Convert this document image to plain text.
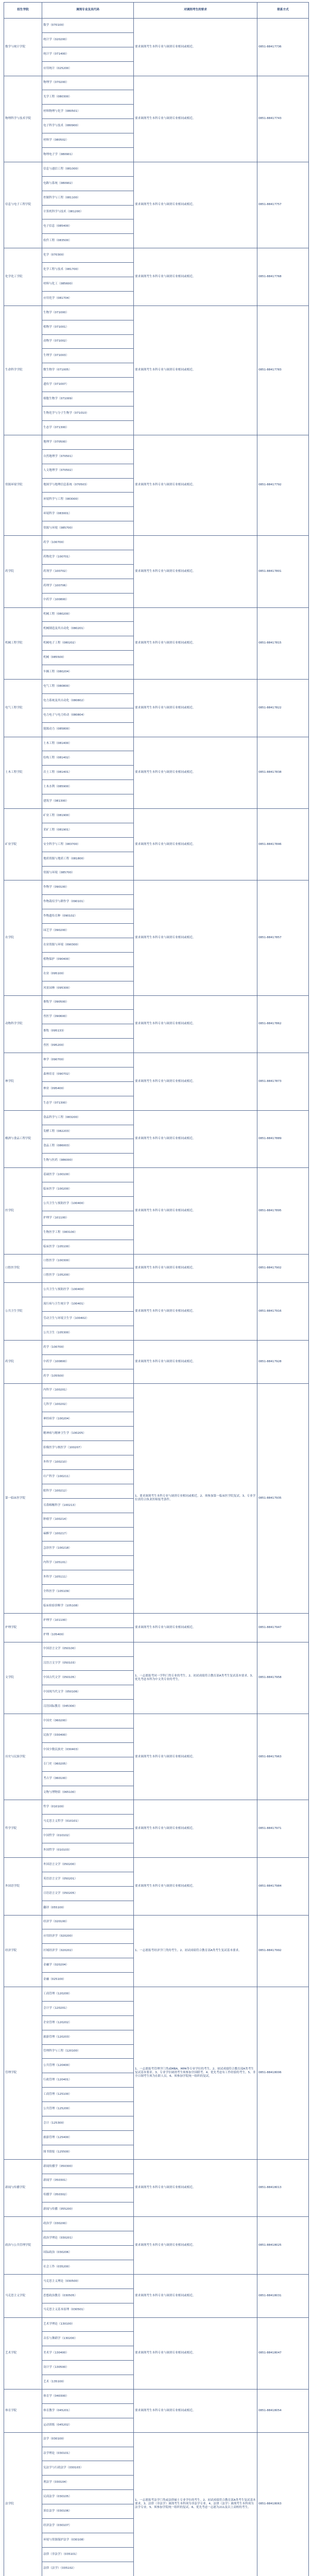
招生学院	调剂专业及其代码	对调剂考生的要求	联系方式
数学与统计学院	数学（070100）	要求调剂考生本科专业与调剂专业相同或相近。	0851-88417736
	统计学（020200）		
	统计学（071400）		
	应用统计（025200）		
物理科学与技术学院	物理学（070200）	要求调剂考生本科专业与调剂专业相同或相近。	0851-88417743
	光学工程（080300）		
	材料物理与化学（080501）		
	电子科学与技术（080900）		
	材料学（080502）		
	物理电子学（080901）		
信息与电子工程学院	信息与通信工程（081000）	要求调剂考生本科专业与调剂专业相同或相近。	0851-88417757
	电路与系统（080902）		
	控制科学与工程（081100）		
	计算机科学与技术（081200）		
	电子信息（085400）		
	软件工程（083500）		
化学化工学院	化学（070300）	要求调剂考生本科专业与调剂专业相同或相近。	0851-88417768
	化学工程与技术（081700）		
	材料与化工（085600）		
	应用化学（081704）		
生命科学学院	生物学（071000）	要求调剂考生本科专业与调剂专业相同或相近。	0851-88417783
	植物学（071001）		
	动物学（071002）		
	生理学（071003）		
	微生物学（071005）		
	遗传学（071007）		
	细胞生物学（071009）		
	生物化学与分子生物学（071010）		
	生态学（071300）		
资源环境学院	地理学（070500）	要求调剂考生本科专业与调剂专业相同或相近。	0851-88417792
	自然地理学（070501）		
	人文地理学（070502）		
	地图学与地理信息系统（070503）		
	环境科学与工程（083000）		
	环境科学（083001）		
	资源与环境（085700）		
药学院	药学（100700）	要求调剂考生本科专业与调剂专业相同或相近。	0851-88417801
	药物化学（100701）		
	药剂学（100702）		
	药理学（100706）		
	中药学（100800）		
机械工程学院	机械工程（080200）	要求调剂考生本科专业与调剂专业相同或相近。	0851-88417815
	机械制造及其自动化（080201）		
	机械电子工程（080202）		
	机械（085500）		
	车辆工程（080204）		
电气工程学院	电气工程（080800）	要求调剂考生本科专业与调剂专业相同或相近。	0851-88417822
	电力系统及其自动化（080802）		
	电力电子与电力传动（080804）		
	能源动力（085800）		
土木工程学院	土木工程（081400）	要求调剂考生本科专业与调剂专业相同或相近。	0851-88417838
	结构工程（081402）		
	岩土工程（081401）		
	土木水利（085900）		
	建筑学（081300）		
矿业学院	矿业工程（081900）	要求调剂考生本科专业与调剂专业相同或相近。	0851-88417846
	采矿工程（081901）		
	安全科学与工程（083700）		
	地质资源与地质工程（081800）		
	资源与环境（085700）		
农学院	作物学（090100）	要求调剂考生本科专业与调剂专业相同或相近。	0851-88417857
	作物栽培学与耕作学（090101）		
	作物遗传育种（090102）		
	园艺学（090200）		
	农业资源与环境（090300）		
	植物保护（090400）		
	农业（095100）		
	风景园林（095300）		
动物科学学院	畜牧学（090500）	要求调剂考生本科专业与调剂专业相同或相近。	0851-88417862
	兽医学（090600）		
	畜牧（095133）		
	兽医（095200）		
林学院	林学（090700）	要求调剂考生本科专业与调剂专业相同或相近。	0851-88417873
	森林培育（090702）		
	林业（095400）		
	生态学（071300）		
酿酒与食品工程学院	食品科学与工程（083200）	要求调剂考生本科专业与调剂专业相同或相近。	0851-88417889
	发酵工程（082203）		
	食品工程（086003）		
	生物与医药（086000）		
医学院	基础医学（100100）	要求调剂考生本科专业与调剂专业相同或相近。	0851-88417895
	临床医学（100200）		
	公共卫生与预防医学（100400）		
	护理学（101100）		
	生物医学工程（083100）		
	临床医学（105100）		
口腔医学院	口腔医学（100300）	要求调剂考生本科专业与调剂专业相同或相近。	0851-88417902
	口腔医学（105200）		
公共卫生学院	公共卫生与预防医学（100400）	要求调剂考生本科专业与调剂专业相同或相近。	0851-88417916
	流行病与卫生统计学（100401）		
	劳动卫生与环境卫生学（100402）		
	公共卫生（105300）		
药学院	药学（100700）	要求调剂考生本科专业与调剂专业相同或相近。	0851-88417928
	中药学（100800）		
	药学（105500）		
第一临床医学院	内科学（100201）	1、要求调剂考生本科专业与调剂专业相同或相近。2、须参加第一临床医学院复试。3、专业学位需符合执业医师报考条件。	0851-88417935
	儿科学（100202）		
	神经病学（100204）		
	精神病与精神卫生学（100205）		
	影像医学与核医学（100207）		
	外科学（100210）		
	妇产科学（100211）		
	眼科学（100212）		
	耳鼻咽喉科学（100213）		
	肿瘤学（100214）		
	麻醉学（100217）		
	急诊医学（100218）		
	内科学（105101）		
	外科学（105111）		
	全科医学（105109）		
	临床检验诊断学（105108）		
护理学院	护理学（101100）	要求调剂考生本科专业与调剂专业相同或相近。	0851-88417947
	护理（105400）		
文学院	中国语言文学（050100）	1、一志愿报考同一学科门类专业的考生。2、初试成绩符合教育部A类考生复试基本要求。3、优先考虑本科为中文类专业的考生。	0851-88417958
	汉语言文字学（050103）		
	中国古代文学（050105）		
	中国现当代文学（050106）		
	汉语国际教育（045300）		
历史与民族学院	中国史（060200）	要求调剂考生本科专业与调剂专业相同或相近。	0851-88417963
	民族学（030400）		
	中国少数民族史（030403）		
	专门史（060205）		
	考古学（060100）		
	文物与博物馆（065100）		
哲学学院	哲学（010100）	要求调剂考生本科专业与调剂专业相同或相近。	0851-88417971
	马克思主义哲学（010101）		
	中国哲学（010102）		
	外国哲学（010103）		
外国语学院	外国语言文学（050200）	要求调剂考生本科专业与调剂专业相同或相近。	0851-88417984
	英语语言文学（050201）		
	日语语言文学（050205）		
	翻译（055100）		
经济学院	经济学（020100）	1、一志愿报考经济学门类的考生。2、初试成绩符合教育部A类考生复试基本要求。	0851-88417992
	应用经济学（020200）		
	区域经济学（020202）		
	金融学（020204）		
	金融（025100）		
管理学院	工商管理（120200）	1、一志愿报考管理学门类或MBA、MPA等专业学位的考生。2、初试成绩符合教育部A类考生复试基本要求。3、专业学位调剂考生须参加全国联考。4、优先考虑有工作经验的考生。5、非全日制考生须为在职人员。6、须参加学院统一组织的复试。	0851-88418006
	会计学（120201）		
	企业管理（120202）		
	旅游管理（120203）		
	管理科学与工程（120100）		
	公共管理（120400）		
	行政管理（120401）		
	工商管理（125100）		
	公共管理（125200）		
	会计（125300）		
	旅游管理（125400）		
	图书情报（125500）		
新闻与传播学院	新闻传播学（050300）	要求调剂考生本科专业与调剂专业相同或相近。	0851-88418013
	新闻学（050301）		
	传播学（050302）		
	新闻与传播（055200）		
政治与公共管理学院	政治学（030200）	要求调剂考生本科专业与调剂专业相同或相近。	0851-88418025
	政治学理论（030201）		
	国际政治（030206）		
	社会工作（035200）		
马克思主义学院	马克思主义理论（030500）	要求调剂考生本科专业与调剂专业相同或相近。	0851-88418031
	思想政治教育（030505）		
	马克思主义基本原理（030501）		
艺术学院	艺术学理论（130100）	要求调剂考生本科专业与调剂专业相同或相近。	0851-88418047
	音乐与舞蹈学（130200）		
	美术学（130400）		
	设计学（130500）		
	艺术（135100）		
体育学院	体育学（040300）	要求调剂考生本科专业与调剂专业相同或相近。	0851-88418054
	体育教学（045201）		
	运动训练（045202）		
法学院	法学（030100）	1、一志愿报考法学门类或法律硕士专业学位的考生。2、初试成绩符合教育部A类考生复试基本要求。3、法律（非法学）调剂考生本科须为非法学专业。4、法律（法学）调剂考生本科须为法学专业。5、须参加学院统一组织的复试。6、优先考虑一志愿为211及以上高校的考生。	0851-88418063
	法学理论（030101）		
	宪法学与行政法学（030103）		
	刑法学（030104）		
	民商法学（030105）		
	诉讼法学（030106）		
	经济法学（030107）		
	环境与资源保护法学（030108）		
	法律（非法学）（035101）		
	法律（法学）（035102）		
